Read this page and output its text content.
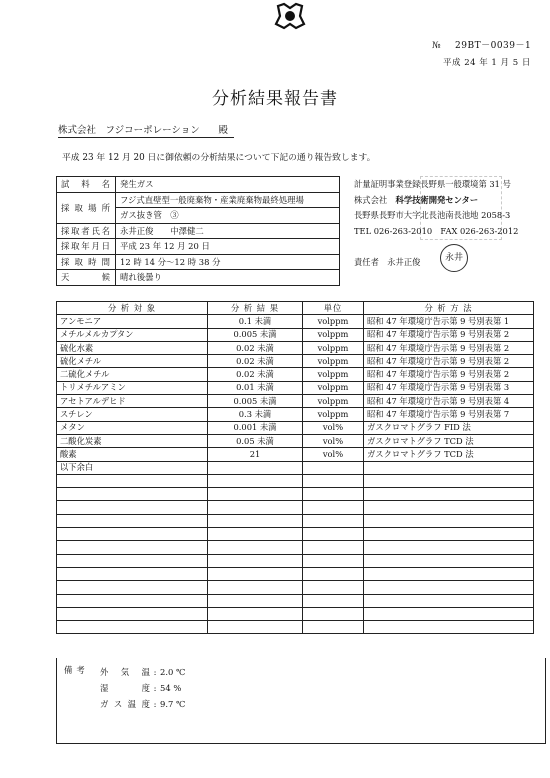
№ 29BT－0039－1
平成 24 年 1 月 5 日
分析結果報告書
株式会社　フジコーポレーション 殿
平成 23 年 12 月 20 日に御依頼の分析結果について下記の通り報告致します。
試　料　名	発生ガス
採取場所	フジ式直壁型一般廃棄物・産業廃棄物最終処理場
	ガス抜き管　③
採取者氏名	永井正俊　　中澤健二
採取年月日	平成 23 年 12 月 20 日
採取時間	12 時 14 分〜12 時 38 分
天　　候	晴れ後曇り
計量証明事業登録長野県一般環境第 31 号
株式会社　 科学技術開発センター
長野県長野市大字北長池南長池地 2058-3
TEL 026-263-2010　FAX 026-263-2012
責任者　 永井正俊	永井
分 析 対 象	分 析 結 果	単位	分 析 方 法
アンモニア	0.1 未満	volppm	昭和 47 年環境庁告示第 9 号別表第 1
メチルメルカプタン	0.005 未満	volppm	昭和 47 年環境庁告示第 9 号別表第 2
硫化水素	0.02 未満	volppm	昭和 47 年環境庁告示第 9 号別表第 2
硫化メチル	0.02 未満	volppm	昭和 47 年環境庁告示第 9 号別表第 2
二硫化メチル	0.02 未満	volppm	昭和 47 年環境庁告示第 9 号別表第 2
トリメチルアミン	0.01 未満	volppm	昭和 47 年環境庁告示第 9 号別表第 3
アセトアルデヒド	0.005 未満	volppm	昭和 47 年環境庁告示第 9 号別表第 4
スチレン	0.3 未満	volppm	昭和 47 年環境庁告示第 9 号別表第 7
メタン	0.001 未満	vol%	ガスクロマトグラフ FID 法
二酸化炭素	0.05 未満	vol%	ガスクロマトグラフ TCD 法
酸素	21	vol%	ガスクロマトグラフ TCD 法
以下余白			

備考 外気温 : 2.0 ℃
湿度 : 54 %
ガス温度 : 9.7 ℃
